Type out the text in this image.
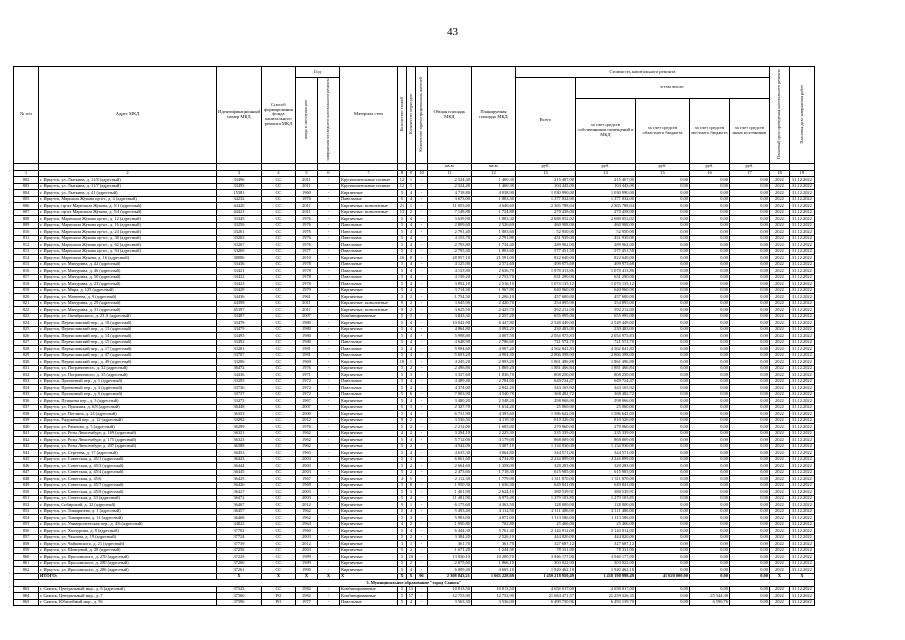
43
№ п/п	Адрес МКД	Идентификационный номер МКД	Способ формирования фонда капитального ремонта МКД	Год		Материал стен	Количество этажей	Количество подъездов	Количество зарегистрированных жителей	Общая площадь МКД	Планируемая площадь МКД	Стоимость капитального ремонта					Плановый срок проведения капитального ремонта	Плановая дата завершения работ
				ввода в эксплуатацию	завершения последнего капитального ремонта							Всего	в том числе:					
													за счет средств собственников помещений в МКД	за счет средств областного бюджета	за счет средств местного бюджета	за счет средств иных источников		
										кв.м	кв.м	руб.	руб.	руб.	руб.	руб.		
1	2	3	4	5	6	7	8	9	10	11	12	13	14	15	16	17	18	19
802	г. Иркутск, ул. Лыткина, д. 11/8 (адресный)	33496	СС	2011	-	Крупнопанельные полные	12	1	-	2 524,40	1 460,30	215 407,00	215 407,00	0,00	0,00	0,00	2022	31.12.2022
803	г. Иркутск, ул. Лыткина, д. 11/7 (адресный)	33495	СС	2011	-	Крупнопанельные полные	12	1	-	2 524,40	1 460,30	104 443,00	104 443,00	0,00	0,00	0,00	2022	31.12.2022
804	г. Иркутск, ул. Лыткина, д. 41 (адресный)	15581	СС	1960	-	Кирпичные	5	4	-	4 718,80	4 038,90	1 030 990,00	1 030 990,00	0,00	0,00	0,00	2022	31.12.2022
805	г. Иркутск, Маршала Жукова пр-кт., д. 4 (адресный)	34232	СС	1976	-	Панельные	5	4	-	3 673,00	1 803,30	1 377 032,00	1 377 032,00	0,00	0,00	0,00	2022	31.12.2022
806	г. Иркутск, пр-кт Марешала Жукова, д. 5/1 (адресный)	44420	СС	2011	-	Кирпичные, монолитные	21	1	-	11 053,60	4 640,60	2 365 788,04	2 365 788,04	0,00	0,00	0,00	2022	31.12.2022
807	г. Иркутск, пр-кт Марешала Жукова, д. 5/4 (адресный)	44421	СС	2011	-	Кирпичные, монолитные	13	2	-	7 148,88	1 734,88	270 458,00	270 458,00	0,00	0,00	0,00	2022	31.12.2022
808	г. Иркутск, Марешала Жукова пр-кт., д. 12 (адресный)	33345	СС	1976	-	Кирпичные	5	4	-	3 639,90	1 803,30	2 688 052,02	2 688 052,02	0,00	0,00	0,00	2022	31.12.2022
809	г. Иркутск, Марешала Жукова пр-кт., д. 16 (адресный)	33256	СС	1976	-	Панельные	5	4	-	2 809,60	2 526,69	460 908,00	460 908,00	0,00	0,00	0,00	2022	31.12.2022
810	г. Иркутск, Марешала Жукова пр-кт., д. 24 (адресный)	33261	СС	1976	-	Панельные	5	4	-	2 791,40	1 803,60	52 950,00	52 950,00	0,00	0,00	0,00	2022	31.12.2022
811	г. Иркутск, Марешала Жукова пр-кт., д. 38 (адресный)	33265	СС	1976	-	Панельные	5	4	-	4 153,70	2 791,80	431 939,00	431 939,00	0,00	0,00	0,00	2022	31.12.2022
812	г. Иркутск, Марешала Жукова пр-кт., д. 62 (адресный)	33267	СС	1976	-	Панельные	5	4	-	2 793,80	1 734,40	289 962,00	289 962,00	0,00	0,00	0,00	2022	31.12.2022
813	г. Иркутск, Марешала Жукова пр-кт., д. 94 (адресный)	33269	СС	1977	-	Панельные	5	4	-	2 795,40	1 803,60	577 451,58	577 451,58	0,00	0,00	0,00	2022	31.12.2022
814	г. Иркутск, Марешала Жукова, д. 16 (адресный)	38086	СС	2010	-	Кирпичные	16	8	-	28 957,10	21 591,00	822 640,00	822 640,00	0,00	0,00	0,00	2022	31.12.2022
815	г. Иркутск, ул. Мичурина, д. 42 (адресный)	33436	СС	1978	-	Панельные	5	4	-	4 125,90	2 572,60	499 975,68	499 975,68	0,00	0,00	0,00	2022	31.12.2022
816	г. Иркутск, ул. Мичурина, д. 46 (адресный)	33421	СС	1978	-	Панельные	5	4	-	4 133,80	2 636,70	1 078 413,86	1 078 413,86	0,00	0,00	0,00	2022	31.12.2022
817	г. Иркутск, ул. Мичурина, д. 50 (адресный)	33422	СС	1978	-	Панельные	5	4	-	4 139,20	2 753,70	631 290,00	631 290,00	0,00	0,00	0,00	2022	31.12.2022
818	г. Иркутск, ул. Мичурина, д. 23 (адресный)	33423	СС	1978	-	Панельные	5	4	-	3 852,10	2 516,10	1 074 135,12	1 074 135,12	0,00	0,00	0,00	2022	31.12.2022
819	г. Иркутск, ул. Мира, д. 125 (адресный)	33429	СС	1979	-	Кирпичные	5	4	-	3 714,30	1 967,80	640 960,00	640 960,00	0,00	0,00	0,00	2022	31.12.2022
820	г. Иркутск, ул. Матвеева, д. 9 (адресный)	34436	СС	1961	-	Кирпичные	3	2	-	1 754,50	1 206,10	457 600,00	457 600,00	0,00	0,00	0,00	2022	31.12.2022
821	г. Иркутск, ул. Мичурина, д. 29 (адресный)	44398	СС	2011	-	Кирпичные, монолитные	9	2	-	3 645,90	2 420,70	254 895,00	254 895,00	0,00	0,00	0,00	2022	31.12.2022
822	г. Иркутск, ул. Мичурина, д. 31 (адресный)	45397	СС	2011	-	Кирпичные, монолитные	9	2	-	3 625,50	2 425,70	392 212,00	392 212,00	0,00	0,00	0,00	2022	31.12.2022
823	г. Иркутск, ул. Октябрьского, д. 23 А (адресный)	33487	СС	2007	-	Комбинированные	5	3	-	3 843,30	2 257,20	655 995,00	655 995,00	0,00	0,00	0,00	2022	31.12.2022
824	г. Иркутск, Переяславский пер., д. 18 (адресный)	33478	СС	1980	-	Кирпичные	5	4	-	10 042,90	6 447,80	2 528 449,00	2 528 449,00	0,00	0,00	0,00	2022	31.12.2022
825	г. Иркутск, Переяславский пер., д. 13 (адресный)	33479	СС	1980	-	Кирпичные	5	4	-	4 864,80	3 093,20	230 483,00	230 483,00	0,00	0,00	0,00	2022	31.12.2022
826	г. Иркутск, Переяславский пер., д. 14 (адресный)	33495	СС	1980	-	Кирпичные	5	4	-	5 998,80	4 807,50	2 054 975,83	2 054 975,83	0,00	0,00	0,00	2022	31.12.2022
827	г. Иркутск, Переяславский пер., д. 15 (адресный)	33492	СС	1980	-	Панельные	5	4	-	4 648,90	2 786,60	721 572,70	721 572,70	0,00	0,00	0,00	2022	31.12.2022
828	г. Иркутск, Переяславский пер., д. 17 (адресный)	33281	СС	1981	-	Панельные	5	4	-	5 994,60	4 907,20	4 562 841,83	4 562 841,83	0,00	0,00	0,00	2022	31.12.2022
829	г. Иркутск, Переяславский пер., д. 47 (адресный)	33707	СС	1981	-	Панельные	5	4	-	5 693,20	4 904,30	2 866 398,00	2 866 398,00	0,00	0,00	0,00	2022	31.12.2022
830	г. Иркутск, Переяславский пер., д. 49 (адресный)	33286	СС	1969	-	Кирпичные	10	1	-	4 245,20	2 893,20	1 861 496,88	1 861 496,88	0,00	0,00	0,00	2022	31.12.2022
831	г. Иркутск, ул. Пограничного, д. 32 (адресный)	36472	СС	1976	-	Кирпичные	5	2	-	2 496,80	1 869,20	1 881 466,84	1 881 466,84	0,00	0,00	0,00	2022	31.12.2022
832	г. Иркутск, ул. Пограничного, д. 35 (адресный)	34436	СС	1971	-	Кирпичные	5	3	-	3 337,60	1 836,70	808 250,00	808 250,00	0,00	0,00	0,00	2022	31.12.2022
833	г. Иркутск, Проектный пер., д. 1 (адресный)	33295	СС	1972	-	Панельные	5	4	-	4 489,40	2 784,00	649 724,47	649 724,47	0,00	0,00	0,00	2022	31.12.2022
834	г. Иркутск, Проектный пер., д. 3 (адресный)	33736	СС	1972	-	Панельные	5	4	-	4 374,00	2 842,20	343 165,92	343 165,92	0,00	0,00	0,00	2022	31.12.2022
835	г. Иркутск, Проектный пер., д. 5 (адресный)	33737	СС	1972	-	Панельные	5	6	-	7 003,90	4 540,70	368 482,72	368 482,72	0,00	0,00	0,00	2022	31.12.2022
836	г. Иркутск, Пушкина пер., д. 3 (адресный)	33275	СС	1967	-	Кирпичные	5	4	-	3 480,20	2 548,20	298 066,00	298 066,00	0,00	0,00	0,00	2022	31.12.2022
837	г. Иркутск, ул. Пушкина, д. 6/8 (адресный)	36448	СС	2007	-	Кирпичные	5	3	-	2 327,70	1 614,20	25 060,00	25 060,00	0,00	0,00	0,00	2022	31.12.2022
838	г. Иркутск, ул. Петлина, д. 24 (адресный)	36353	СС	2000	-	Кирпичные	5	4	-	6 731,90	4 395,60	1 586 642,00	1 586 642,00	0,00	0,00	0,00	2022	31.12.2022
839	г. Иркутск, Радужный пер., д. 12 (адресный)	33292	СС	2012	-	Кирпичные	9	2	-	3 536,50	4 119,50	810 326,00	810 326,00	0,00	0,00	0,00	2022	31.12.2022
840	г. Иркутск, ул. Ржанова, д. 5 (адресный)	36299	СС	1976	-	Кирпичные	5	2	-	2 212,00	1 605,00	270 960,00	270 960,00	0,00	0,00	0,00	2022	31.12.2022
841	г. Иркутск, ул. Розы Люксембург, д. 169 (адресный)	36321	СС	1962	-	Кирпичные	4	2	-	3 294,10	2 225,30	235 339,00	235 339,00	0,00	0,00	0,00	2022	31.12.2022
842	г. Иркутск, ул. Розы Люксембург, д. 175 (адресный)	36323	СС	1962	-	Кирпичные	5	4	-	5 712,00	4 179,00	868 009,00	868 009,00	0,00	0,00	0,00	2022	31.12.2022
843	г. Иркутск, ул. Розы Люксембург, д. 207 (адресный)	36388	СС	1962	-	Кирпичные	5	2	-	4 542,00	3 307,10	1 134 930,00	1 134 930,00	0,00	0,00	0,00	2022	31.12.2022
844	г. Иркутск, ул. Сергеева, д. 17 (адресный)	36453	СС	1963	-	Кирпичные	5	4	-	4 635,30	3 064,80	344 571,00	344 571,00	0,00	0,00	0,00	2022	31.12.2022
845	г. Иркутск, ул. Советская, д. 45/1 (адресный)	36443	СС	2003	-	Кирпичные	5	4	-	6 661,60	4 734,80	2 244 899,00	2 244 899,00	0,00	0,00	0,00	2022	31.12.2022
846	г. Иркутск, ул. Советская, д. 45/3 (адресный)	36444	СС	2003	-	Кирпичные	5	2	-	2 664,60	1 358,00	328 283,00	328 283,00	0,00	0,00	0,00	2022	31.12.2022
847	г. Иркутск, ул. Советская, д. 45/4 (адресный)	36445	СС	2003	-	Кирпичные	5	2	-	2 473,60	1 718,30	615 985,00	615 985,00	0,00	0,00	0,00	2022	31.12.2022
848	г. Иркутск, ул. Советская, д. 45/6	36425	СС	1967	-	Кирпичные	4	5	-	2 112,30	1 779,90	1 311 870,00	1 311 870,00	0,00	0,00	0,00	2022	31.12.2022
849	г. Иркутск, ул. Советская, д. 45/7 (адресный)	36426	СС	1969	-	Кирпичные	5	8	-	1 950,30	1 636,30	649 841,00	649 841,00	0,00	0,00	0,00	2022	31.12.2022
850	г. Иркутск, ул. Советская, д. 45/8 (адресный)	36427	СС	2003	-	Кирпичные	5	3	-	1 401,90	2 624,10	380 539,91	380 539,91	0,00	0,00	0,00	2022	31.12.2022
851	г. Иркутск, ул. Советская, д. 53 (адресный)	36472	СС	2003	-	Кирпичные	5	4	-	11 401,90	6 975,40	1 279 103,85	1 279 103,85	0,00	0,00	0,00	2022	31.12.2022
852	г. Иркутск, Сибирский, д. 32 (адресный)	36467	СС	2012	-	Кирпичные	9	1	-	6 175,60	4 363,50	128 000,00	128 000,00	0,00	0,00	0,00	2022	31.12.2022
853	г. Иркутск, ул. Тимирязева, д. 1 (адресный)	36457	СС	1962	-	Кирпичные	5	4	-	5 493,40	4 112,50	2 111 486,00	2 111 486,00	0,00	0,00	0,00	2022	31.12.2022
854	г. Иркутск, ул. Тимирязева, д. 11 (адресный)	36468	СС	1962	-	Кирпичные	5	3	-	5 983,00	4 071,00	1 113 586,00	1 113 586,00	0,00	0,00	0,00	2022	31.12.2022
855	г. Иркутск, ул. Университетская пер., д. 4/6 (адресный)	34822	СС	1964	-	Кирпичные	4	2	-	1 950,80	702,80	25 466,00	25 466,00	0,00	0,00	0,00	2022	31.12.2022
856	г. Иркутск, ул. Халтурина, д. 8 (адресный)	37702	СС	1960	-	Кирпичные	5	4	-	6 444,30	5 761,40	2 144 012,00	2 144 012,00	0,00	0,00	0,00	2022	31.12.2022
857	г. Иркутск, ул. Чкалова, д. 19 (адресный)	37724	СС	2003	-	Кирпичные	5	2	-	3 384,20	2 526,10	444 820,00	444 820,00	0,00	0,00	0,00	2022	31.12.2022
858	г. Иркутск, ул. Чайковского, д. 21 (адресный)	37739	СС	2012	-	Кирпичные	3	1	-	361,70	361,70	327 687,12	327 687,12	0,00	0,00	0,00	2022	31.12.2022
859	г. Иркутск, ул. Шевцовой, д. 28 (адресный)	37256	СС	2003	-	Кирпичные	5	2	-	1 671,20	1 244,50	78 331,00	78 331,00	0,00	0,00	0,00	2022	31.12.2022
860	г. Иркутск, ул. Ярославского, д. 270 (адресный)	37229	СС	1989	-	Кирпичные	5	10	-	13 930,10	10 200,70	3 946 177,00	3 946 177,00	0,00	0,00	0,00	2022	31.12.2022
861	г. Иркутск, ул. Ярославского, д. 280 (адресный)	37260	СС	1989	-	Кирпичные	5	2	-	2 875,60	1 866,10	303 022,00	303 022,00	0,00	0,00	0,00	2022	31.12.2022
862	г. Иркутск, ул. Ярославского, д. 286 (адресный)	37261	СС	1990	-	Кирпичные	5	4	-	6 009,40	4 605,10	1 920 462,18	1 920 462,18	0,00	0,00	0,00	2022	31.12.2022
	ИТОГО:	X	X	X	X	X	X	X	96	2 308 843,21	1 663 228,69	1 459 218 950,49	1 418 198 998,49	41 020 000,00	0,00	0,00	X	X
3. Муниципальное образование "город Саянск"																		
863	г. Саянск, Центральный мкр., д. 6 (адресный)	37543	СС	1982	-	Комбинированные	5	13	-	10 813,50	10 813,50	4 658 017,00	4 658 017,00	0,00	0,00	0,00	2022	31.12.2022
864	г. Саянск, Центральный мкр., д. 7	37560	РО	1982	-	Комбинированные	5	17	-	12 753,90	12 753,90	21 684 471,57	21 259 326,35	0,00	25 544,38	0,00	2022	31.12.2022
865	г. Саянск, Юбилейный мкр., д. 56	37596	РО	1977	-	Панельные	5	4	-	3 563,30	3 536,00	6 499 730,96	6 493 139,70	0,00	6 590,76	0,00	2022	31.12.2022
